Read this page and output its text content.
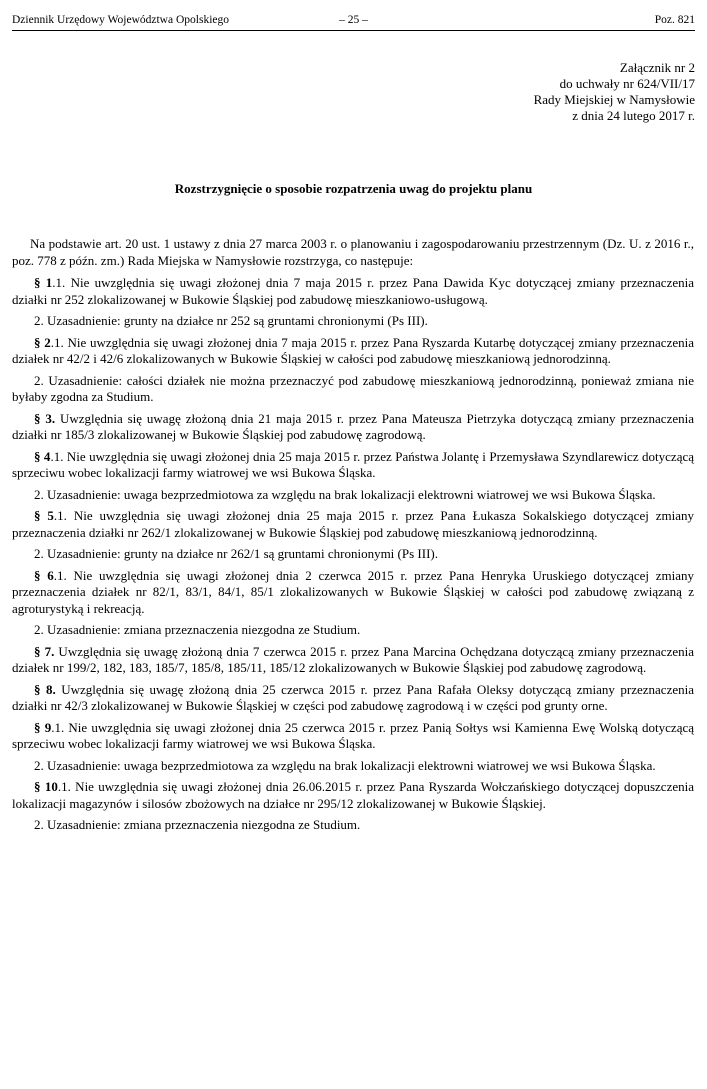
Dziennik Urzędowy Województwa Opolskiego	– 25 –	Poz. 821
Załącznik nr 2
do uchwały nr 624/VII/17
Rady Miejskiej w Namysłowie
z dnia 24 lutego 2017 r.
Rozstrzygnięcie o sposobie rozpatrzenia uwag do projektu planu

Na podstawie art. 20 ust. 1 ustawy z dnia 27 marca 2003 r. o planowaniu i zagospodarowaniu przestrzennym (Dz. U. z 2016 r., poz. 778 z późn. zm.) Rada Miejska w Namysłowie rozstrzyga, co następuje:

§ 1.1. Nie uwzględnia się uwagi złożonej dnia 7 maja 2015 r. przez Pana Dawida Kyc dotyczącej zmiany przeznaczenia działki nr 252 zlokalizowanej w Bukowie Śląskiej pod zabudowę mieszkaniowo-usługową.

2. Uzasadnienie: grunty na działce nr 252 są gruntami chronionymi (Ps III).

§ 2.1. Nie uwzględnia się uwagi złożonej dnia 7 maja 2015 r. przez Pana Ryszarda Kutarbę dotyczącej zmiany przeznaczenia działek nr 42/2 i 42/6 zlokalizowanych w Bukowie Śląskiej w całości pod zabudowę mieszkaniową jednorodzinną.

2. Uzasadnienie: całości działek nie można przeznaczyć pod zabudowę mieszkaniową jednorodzinną, ponieważ zmiana nie byłaby zgodna za Studium.

§ 3. Uwzględnia się uwagę złożoną dnia 21 maja 2015 r. przez Pana Mateusza Pietrzyka dotyczącą zmiany przeznaczenia działki nr 185/3 zlokalizowanej w Bukowie Śląskiej pod zabudowę zagrodową.

§ 4.1. Nie uwzględnia się uwagi złożonej dnia 25 maja 2015 r. przez Państwa Jolantę i Przemysława Szyndlarewicz dotyczącą sprzeciwu wobec lokalizacji farmy wiatrowej we wsi Bukowa Śląska.

2. Uzasadnienie: uwaga bezprzedmiotowa za względu na brak lokalizacji elektrowni wiatrowej we wsi Bukowa Śląska.

§ 5.1. Nie uwzględnia się uwagi złożonej dnia 25 maja 2015 r. przez Pana Łukasza Sokalskiego dotyczącej zmiany przeznaczenia działki nr 262/1 zlokalizowanej w Bukowie Śląskiej pod zabudowę mieszkaniową jednorodzinną.

2. Uzasadnienie: grunty na działce nr 262/1 są gruntami chronionymi (Ps III).

§ 6.1. Nie uwzględnia się uwagi złożonej dnia 2 czerwca 2015 r. przez Pana Henryka Uruskiego dotyczącej zmiany przeznaczenia działek nr 82/1, 83/1, 84/1, 85/1 zlokalizowanych w Bukowie Śląskiej w całości pod zabudowę związaną z agroturystyką i rekreacją.

2. Uzasadnienie: zmiana przeznaczenia niezgodna ze Studium.

§ 7. Uwzględnia się uwagę złożoną dnia 7 czerwca 2015 r. przez Pana Marcina Ochędzana dotyczącą zmiany przeznaczenia działek nr 199/2, 182, 183, 185/7, 185/8, 185/11, 185/12 zlokalizowanych w Bukowie Śląskiej pod zabudowę zagrodową.

§ 8. Uwzględnia się uwagę złożoną dnia 25 czerwca 2015 r. przez Pana Rafała Oleksy dotyczącą zmiany przeznaczenia działki nr 42/3 zlokalizowanej w Bukowie Śląskiej w części pod zabudowę zagrodową i w części pod grunty orne.

§ 9.1. Nie uwzględnia się uwagi złożonej dnia 25 czerwca 2015 r. przez Panią Sołtys wsi Kamienna Ewę Wolską dotyczącą sprzeciwu wobec lokalizacji farmy wiatrowej we wsi Bukowa Śląska.

2. Uzasadnienie: uwaga bezprzedmiotowa za względu na brak lokalizacji elektrowni wiatrowej we wsi Bukowa Śląska.

§ 10.1. Nie uwzględnia się uwagi złożonej dnia 26.06.2015 r. przez Pana Ryszarda Wołczańskiego dotyczącej dopuszczenia lokalizacji magazynów i silosów zbożowych na działce nr 295/12 zlokalizowanej w Bukowie Śląskiej.

2. Uzasadnienie: zmiana przeznaczenia niezgodna ze Studium.
